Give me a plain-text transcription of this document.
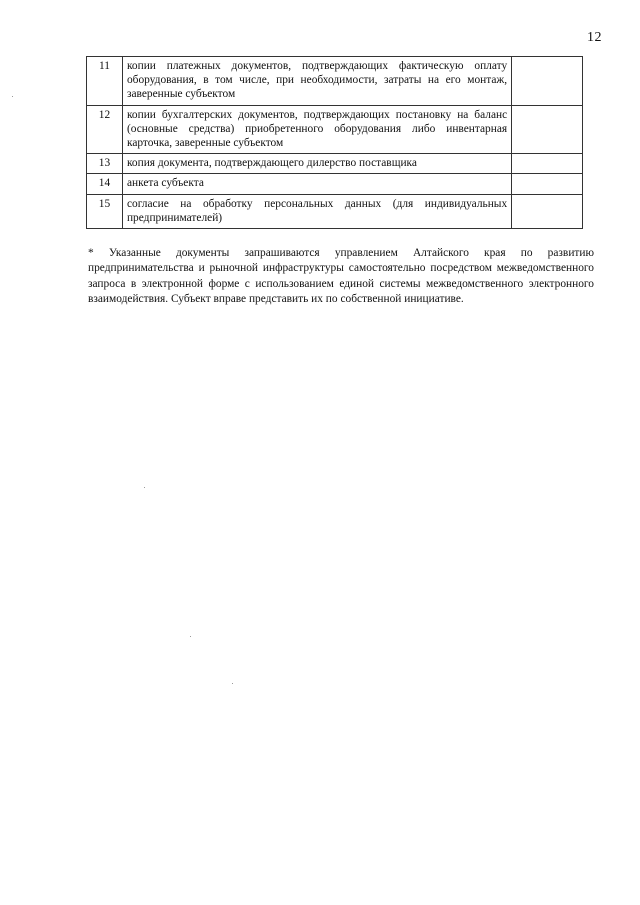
12
11	копии платежных документов, подтверждающих фактическую оплату оборудования, в том числе, при необходимости, затраты на его монтаж, заверенные субъектом	
12	копии бухгалтерских документов, подтверждающих постановку на баланс (основные средства) приобретенного оборудования либо инвентарная карточка, заверенные субъектом	
13	копия документа, подтверждающего дилерство поставщика	
14	анкета субъекта	
15	согласие на обработку персональных данных (для индивидуальных предпринимателей)	
* Указанные документы запрашиваются управлением Алтайского края по развитию предпринимательства и рыночной инфраструктуры самостоятельно посредством межведомственного запроса в электронной форме с использованием единой системы межведомственного электронного взаимодействия. Субъект вправе представить их по собственной инициативе.
